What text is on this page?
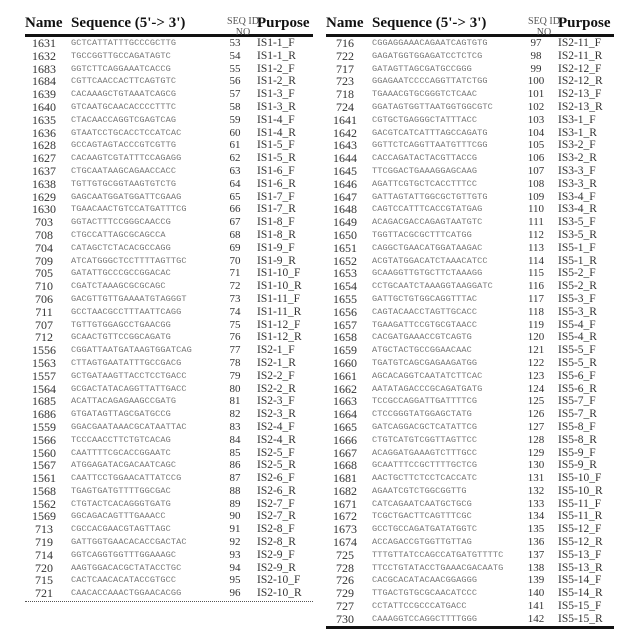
Name Sequence (5'-> 3')	SEQ ID NO
Purpose
1631	GCTCATTATTTGCCCGCTTG	53	IS1-1_F
1632	TGCCGGTTGCCAGATAGTC	54	IS1-1_R
1683	GGTCTTCAGGAAATCACCG	55	IS1-2_F
1684	CGTTCAACCACTTCAGTGTC	56	IS1-2_R
1639	CACAAAGCTGTAAATCAGCG	57	IS1-3_F
1640	GTCAATGCAACACCCCTTTC	58	IS1-3_R
1635	CTACAACCAGGTCGAGTCAG	59	IS1-4_F
1636	GTAATCCTGCACCTCCATCAC	60	IS1-4_R
1628	GCCAGTAGTACCCGTCGTTG	61	IS1-5_F
1627	CACAAGTCGTATTTCCAGAGG	62	IS1-5_R
1637	CTGCAATAAGCAGAACCACC	63	IS1-6_F
1638	TGTTGTGCGGTAAGTGTCTG	64	IS1-6_R
1629	GAGCAATGGATGGATTCGAAG	65	IS1-7_F
1630	TGAACAACTGTCCATGATTTCG	66	IS1-7_R
703	GGTACTTTCCGGGCAACCG	67	IS1-8_F
708	CTGCCATTAGCGCAGCCA	68	IS1-8_R
704	CATAGCTCTACACGCCAGG	69	IS1-9_F
709	ATCATGGGCTCCTTTTAGTTGC	70	IS1-9_R
705	GATATTGCCCGCCGGACAC	71	IS1-10_F
710	CGATCTAAAGCGCGCAGC	72	IS1-10_R
706	GACGTTGTTGAAAATGTAGGGT	73	IS1-11_F
711	GCCTAACGCCTTTAATTCAGG	74	IS1-11_R
707	TGTTGTGGAGCCTGAACGG	75	IS1-12_F
712	GCAACTGTTCCGGCAGATG	76	IS1-12_R
1556	CGGATTAATGATAAGTGGATCAG	77	IS2-1_F
1563	CTTAGTGAATATTTGCCGACG	78	IS2-1_R
1557	GCTGATAAGTTACCTCCTGACC	79	IS2-2_F
1564	GCGACTATACAGGTTATTGACC	80	IS2-2_R
1685	ACATTACAGAGAAGCCGATG	81	IS2-3_F
1686	GTGATAGTTAGCGATGCCG	82	IS2-3_R
1559	GGACGAATAAACGCATAATTAC	83	IS2-4_F
1566	TCCCAACCTTCTGTCACAG	84	IS2-4_R
1560	CAATTTTCGCACCGGAATC	85	IS2-5_F
1567	ATGGAGATACGACAATCAGC	86	IS2-5_R
1561	CAATTCCTGGAACATTATCCG	87	IS2-6_F
1568	TGAGTGATGTTTTGGCGAC	88	IS2-6_R
1562	CTGTACTCACAGGGTGATG	89	IS2-7_F
1569	GGCAGACAGTTTGAAACC	90	IS2-7_R
713	CGCCACGAACGTAGTTAGC	91	IS2-8_F
719	GATTGGTGAACACACCGACTAC	92	IS2-8_R
714	GGTCAGGTGGTTTGGAAAGC	93	IS2-9_F
720	AAGTGGACACGCTATACCTGC	94	IS2-9_R
715	CACTCAACACATACCGTGCC	95	IS2-10_F
721	CAACACCAAACTGGAACACGG	96	IS2-10_R
Name Sequence (5'-> 3')	SEQ ID NO
Purpose
716	CGGAGGAAACAGAATCAGTGTG	97	IS2-11_F
722	GAGATGGTGGAGATCCTCTCG	98	IS2-11_R
717	GATAGTTAGCGATGCCGGG	99	IS2-12_F
723	GGAGAATCCCCAGGTTATCTGG	100	IS2-12_R
718	TGAAACGTGCGGGTCTCAAC	101	IS2-13_F
724	GGATAGTGGTTAATGGTGGCGTC	102	IS2-13_R
1641	CGTGCTGAGGGCTATTTACC	103	IS3-1_F
1642	GACGTCATCATTTAGCCAGATG	104	IS3-1_R
1643	GGTTCTCAGGTTAATGTTTCGG	105	IS3-2_F
1644	CACCAGATACTACGTTACCG	106	IS3-2_R
1645	TTCGGACTGAAAGGAGCAAG	107	IS3-3_F
1646	AGATTCGTGCTCACCTTTCC	108	IS3-3_R
1647	GATTAGTATTGGCGCTGTTGTG	109	IS3-4_F
1648	CAGTCCATTTCACCGTATGAG	110	IS3-4_R
1649	ACAGACGACCAGAGTAATGTC	111	IS3-5_F
1650	TGGTTACGCGCTTTCATGG	112	IS3-5_R
1651	CAGGCTGAACATGGATAAGAC	113	IS5-1_F
1652	ACGTATGGACATCTAAACATCC	114	IS5-1_R
1653	GCAAGGTTGTGCTTCTAAAGG	115	IS5-2_F
1654	CCTGCAATCTAAAGGTAAGGATC	116	IS5-2_R
1655	GATTGCTGTGGCAGGTTTAC	117	IS5-3_F
1656	CAGTACAACCTAGTTGCACC	118	IS5-3_R
1657	TGAAGATTCCGTGCGTAACC	119	IS5-4_F
1658	CACGATGAAACCGTCAGTG	120	IS5-4_R
1659	ATGCTACTGCCGGAACAAC	121	IS5-5_F
1660	TGATGTCAGCGAGAAGATGG	122	IS5-5_R
1661	AGCACAGGTCAATATCTTCAC	123	IS5-6_F
1662	AATATAGACCCGCAGATGATG	124	IS5-6_R
1663	TCCGCCAGGATTGATTTTCG	125	IS5-7_F
1664	CTCCGGGTATGGAGCTATG	126	IS5-7_R
1665	GATCAGGACGCTCATATTCG	127	IS5-8_F
1666	CTGTCATGTCGGTTAGTTCC	128	IS5-8_R
1667	ACAGGATGAAAGTCTTTGCC	129	IS5-9_F
1668	GCAATTTCCGCTTTTGCTCG	130	IS5-9_R
1681	AACTGCTTCTCCTCACCATC	131	IS5-10_F
1682	AGAATCGTCTGGCGGTTG	132	IS5-10_R
1671	CATCAGAATCAATGCTGCG	133	IS5-11_F
1672	TCGCTGACTTCAGTTTCGC	134	IS5-11_R
1673	GCCTGCCAGATGATATGGTC	135	IS5-12_F
1674	ACCAGACCGTGGTTGTTAG	136	IS5-12_R
725	TTTGTTATCCAGCCATGATGTTTTC	137	IS5-13_F
728	TTCCTGTATACCTGAAACGACAATG	138	IS5-13_R
726	CACGCACATACAACGGAGGG	139	IS5-14_F
729	TTGACTGTGCGCAACATCCC	140	IS5-14_R
727	CCTATTCCGCCCATGACC	141	IS5-15_F
730	CAAAGGTCCAGGCTTTTGGG	142	IS5-15_R
